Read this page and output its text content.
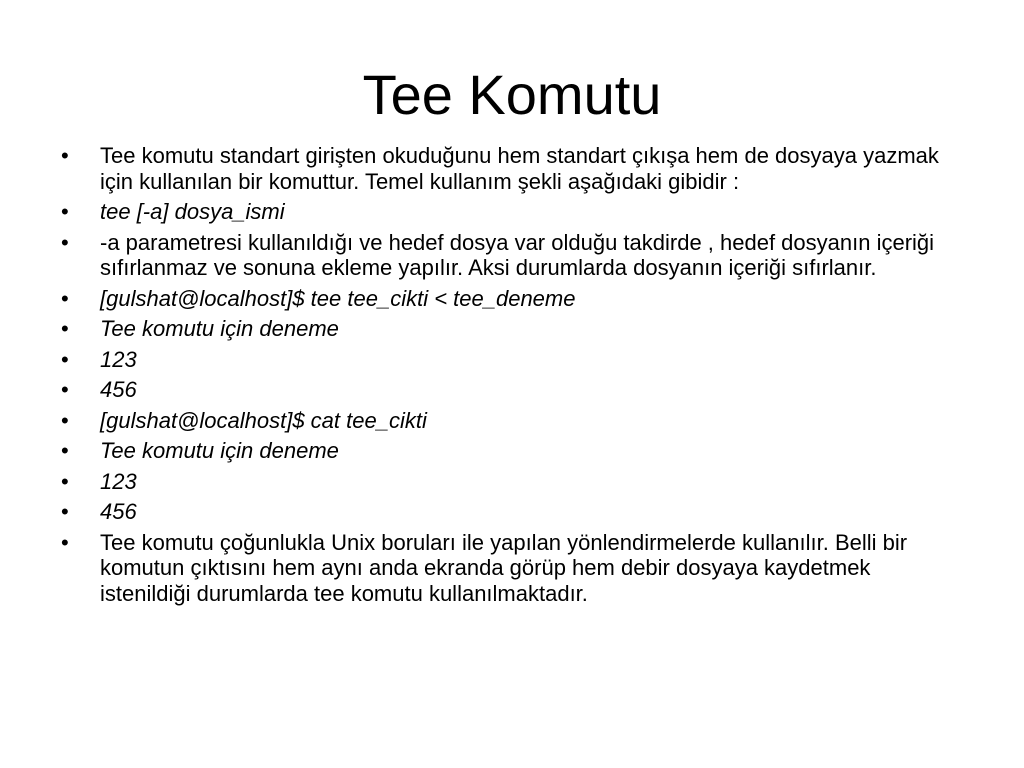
Tee Komutu
• Tee komutu standart girişten okuduğunu hem standart çıkışa hem de dosyaya yazmak için kullanılan bir komuttur. Temel kullanım şekli aşağıdaki gibidir :
• tee [-a] dosya_ismi
• -a parametresi kullanıldığı ve hedef dosya var olduğu takdirde , hedef dosyanın içeriği sıfırlanmaz ve sonuna ekleme yapılır. Aksi durumlarda dosyanın içeriği sıfırlanır.
• [gulshat@localhost]$ tee tee_cikti < tee_deneme
• Tee komutu için deneme
• 123
• 456
• [gulshat@localhost]$ cat tee_cikti
• Tee komutu için deneme
• 123
• 456
• Tee komutu çoğunlukla Unix boruları ile yapılan yönlendirmelerde kullanılır. Belli bir komutun çıktısını hem aynı anda ekranda görüp hem debir dosyaya kaydetmek istenildiği durumlarda tee komutu kullanılmaktadır.
